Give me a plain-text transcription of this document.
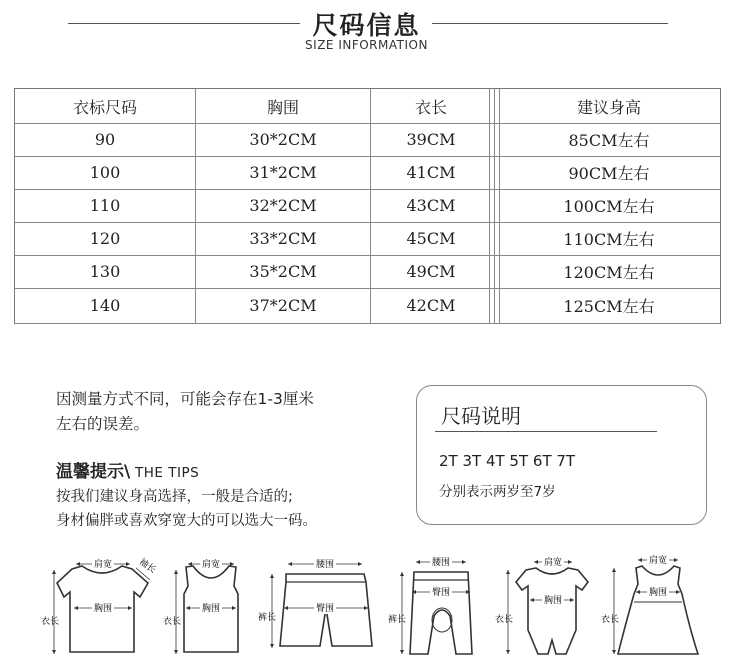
尺码信息
SIZE INFORMATION
衣标尺码	胸围	衣长	建议身高
90	30*2CM	39CM	85CM左右
100	31*2CM	41CM	90CM左右
110	32*2CM	43CM	100CM左右
120	33*2CM	45CM	110CM左右
130	35*2CM	49CM	120CM左右
140	37*2CM	42CM	125CM左右
因测量方式不同，可能会存在1-3厘米
左右的误差。
温馨提示\ THE TIPS
按我们建议身高选择，一般是合适的;
身材偏胖或喜欢穿宽大的可以选大一码。
尺码说明
2T 3T 4T 5T 6T 7T
分别表示两岁至7岁
肩宽
胸围
衣长
袖长	肩宽
胸围
衣长
腰围
臀围
裤长
腰围
臀围
裤长
肩宽
胸围
衣长
肩宽
胸围
衣长
